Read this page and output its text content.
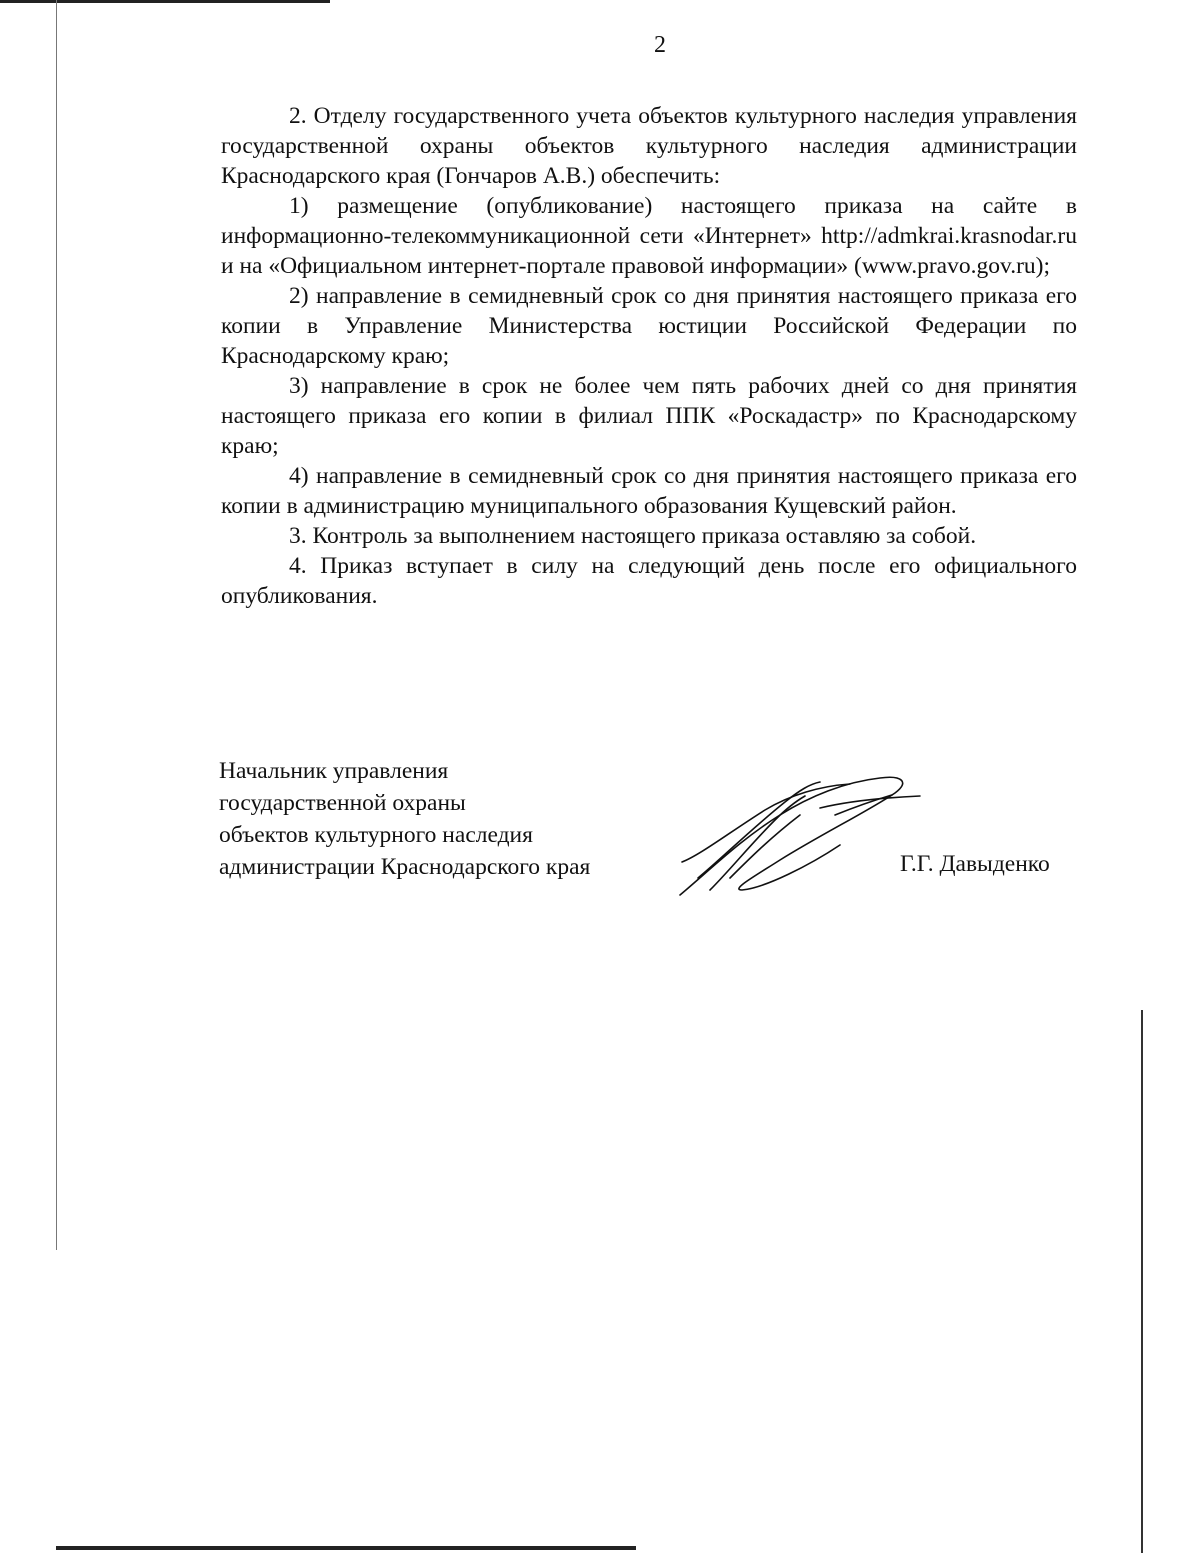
2

2. Отделу государственного учета объектов культурного наследия управления государственной охраны объектов культурного наследия администрации Краснодарского края (Гончаров А.В.) обеспечить:

1) размещение (опубликование) настоящего приказа на сайте в информационно-телекоммуникационной сети «Интернет» http://admkrai.krasnodar.ru и на «Официальном интернет-портале правовой информации» (www.pravo.gov.ru);

2) направление в семидневный срок со дня принятия настоящего приказа его копии в Управление Министерства юстиции Российской Федерации по Краснодарскому краю;

3) направление в срок не более чем пять рабочих дней со дня принятия настоящего приказа его копии в филиал ППК «Роскадастр» по Краснодарскому краю;

4) направление в семидневный срок со дня принятия настоящего приказа его копии в администрацию муниципального образования Кущевский район.

3. Контроль за выполнением настоящего приказа оставляю за собой.

4. Приказ вступает в силу на следующий день после его официального опубликования.

Начальник управления
государственной охраны
объектов культурного наследия
администрации Краснодарского края	Г.Г. Давыденко
